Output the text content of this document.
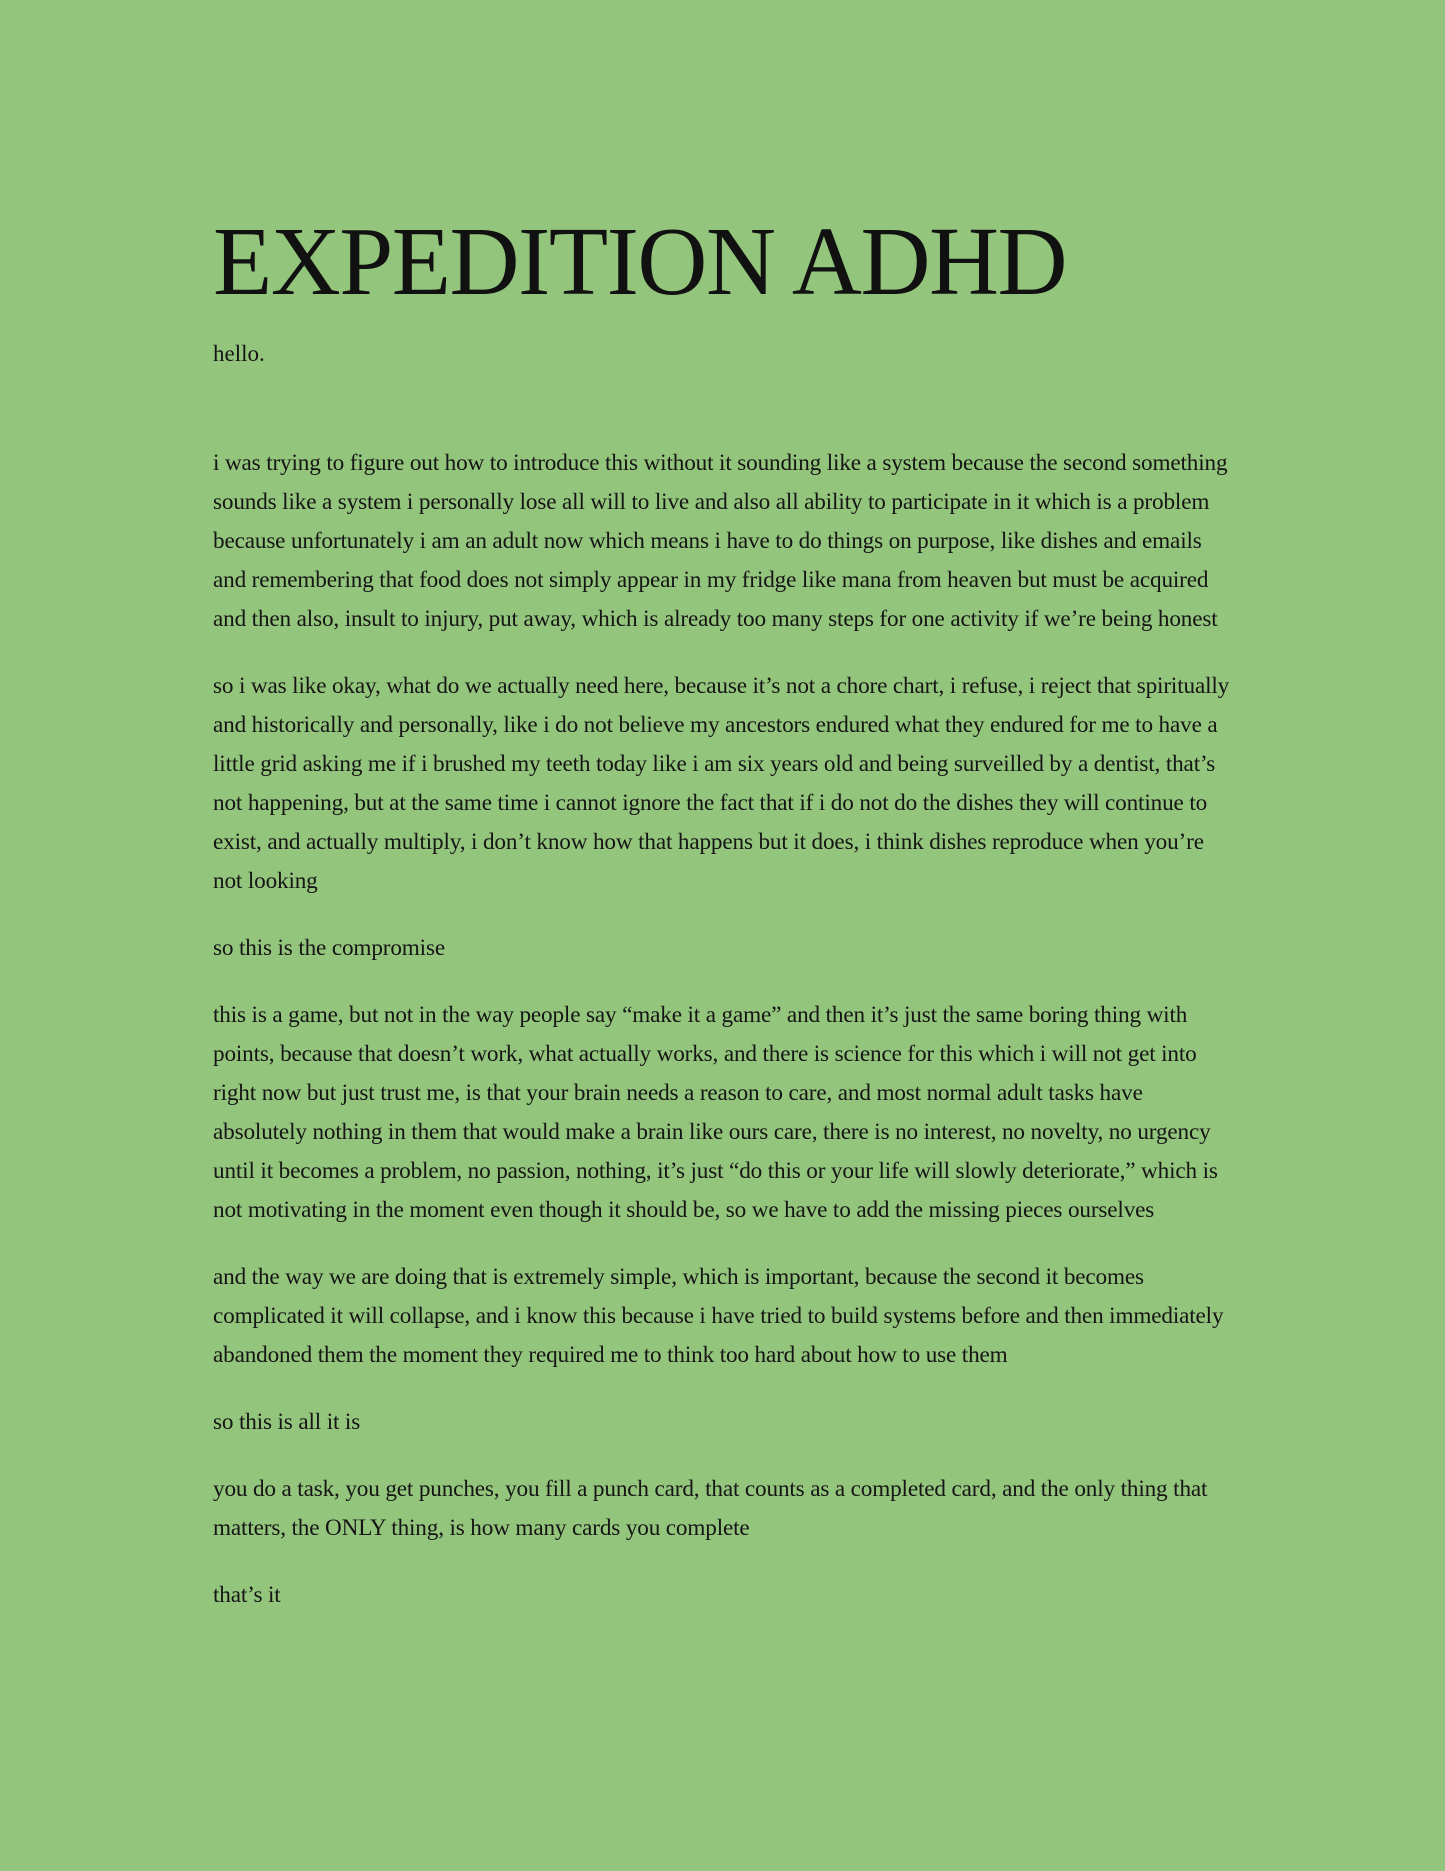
EXPEDITION ADHD

hello.

i was trying to figure out how to introduce this without it sounding like a system because the second something sounds like a system i personally lose all will to live and also all ability to participate in it which is a problem because unfortunately i am an adult now which means i have to do things on purpose, like dishes and emails and remembering that food does not simply appear in my fridge like mana from heaven but must be acquired and then also, insult to injury, put away, which is already too many steps for one activity if we’re being honest

so i was like okay, what do we actually need here, because it’s not a chore chart, i refuse, i reject that spiritually and historically and personally, like i do not believe my ancestors endured what they endured for me to have a little grid asking me if i brushed my teeth today like i am six years old and being surveilled by a dentist, that’s not happening, but at the same time i cannot ignore the fact that if i do not do the dishes they will continue to exist, and actually multiply, i don’t know how that happens but it does, i think dishes reproduce when you’re not looking

so this is the compromise

this is a game, but not in the way people say “make it a game” and then it’s just the same boring thing with points, because that doesn’t work, what actually works, and there is science for this which i will not get into right now but just trust me, is that your brain needs a reason to care, and most normal adult tasks have absolutely nothing in them that would make a brain like ours care, there is no interest, no novelty, no urgency until it becomes a problem, no passion, nothing, it’s just “do this or your life will slowly deteriorate,” which is not motivating in the moment even though it should be, so we have to add the missing pieces ourselves

and the way we are doing that is extremely simple, which is important, because the second it becomes complicated it will collapse, and i know this because i have tried to build systems before and then immediately abandoned them the moment they required me to think too hard about how to use them

so this is all it is

you do a task, you get punches, you fill a punch card, that counts as a completed card, and the only thing that matters, the ONLY thing, is how many cards you complete

that’s it
